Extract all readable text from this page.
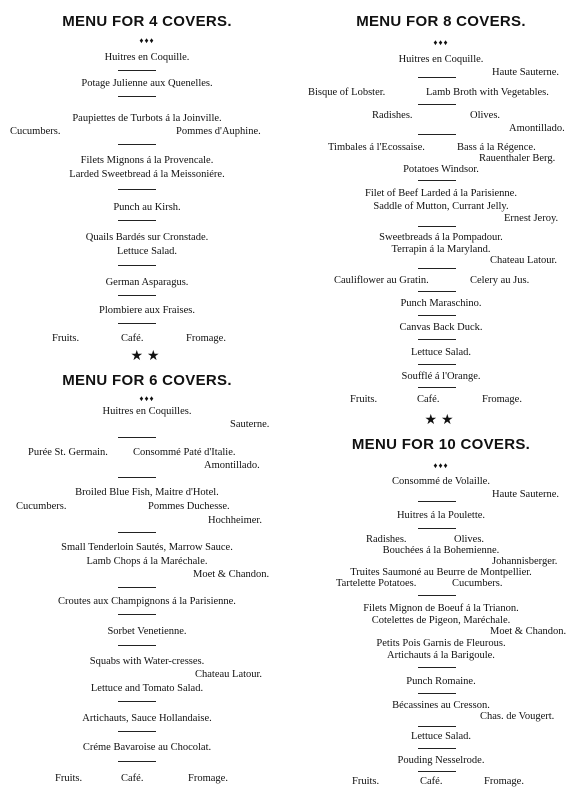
MENU FOR 4 COVERS.
♦♦♦
Huitres en Coquille.
Potage Julienne aux Quenelles.
Paupiettes de Turbots á la Joinville.
Cucumbers.	Pommes d'Auphine.
Filets Mignons á la Provencale.
Larded Sweetbread á la Meissoniére.
Punch au Kirsh.
Quails Bardés sur Cronstade.
Lettuce Salad.
German Asparagus.
Plombiere aux Fraises.
Fruits.	Café.	Fromage.
★★
MENU FOR 6 COVERS.
♦♦♦
Huitres en Coquilles.
Sauterne.
Purée St. Germain. Consommé Paté d'Italie.
Amontillado.
Broiled Blue Fish, Maitre d'Hotel.
Cucumbers.	Pommes Duchesse.
Hochheimer.
Small Tenderloin Sautés, Marrow Sauce.
Lamb Chops á la Maréchale.
Moet & Chandon.
Croutes aux Champignons á la Parisienne.
Sorbet Venetienne.
Squabs with Water-cresses.
Chateau Latour.
Lettuce and Tomato Salad.
Artichauts, Sauce Hollandaise.
Créme Bavaroise au Chocolat.
Fruits.	Café.	Fromage.
MENU FOR 8 COVERS.
♦♦♦
Huitres en Coquille.
Haute Sauterne.
Bisque of Lobster.	Lamb Broth with Vegetables.
Radishes.	Olives.
Amontillado.
Timbales á l'Ecossaise.	Bass á la Régence.
Rauenthaler Berg.
Potatoes Windsor.
Filet of Beef Larded á la Parisienne.
Saddle of Mutton, Currant Jelly.
Ernest Jeroy.
Sweetbreads á la Pompadour.
Terrapin á la Maryland.
Chateau Latour.
Cauliflower au Gratin.	Celery au Jus.
Punch Maraschino.
Canvas Back Duck.
Lettuce Salad.
Soufflé á l'Orange.
Fruits.	Café.	Fromage.
★★
MENU FOR 10 COVERS.
♦♦♦
Consommé de Volaille.
Haute Sauterne.
Huitres á la Poulette.
Radishes.	Olives.
Bouchées á la Bohemienne.
Johannisberger.
Truites Saumoné au Beurre de Montpellier.
Tartelette Potatoes.	Cucumbers.
Filets Mignon de Boeuf á la Trianon.
Cotelettes de Pigeon, Maréchale.
Moet & Chandon.
Petits Pois Garnis de Fleurous.
Artichauts á la Barigoule.
Punch Romaine.
Bécassines au Cresson.
Chas. de Vougert.
Lettuce Salad.
Pouding Nesselrode.
Fruits.	Café.	Fromage.
